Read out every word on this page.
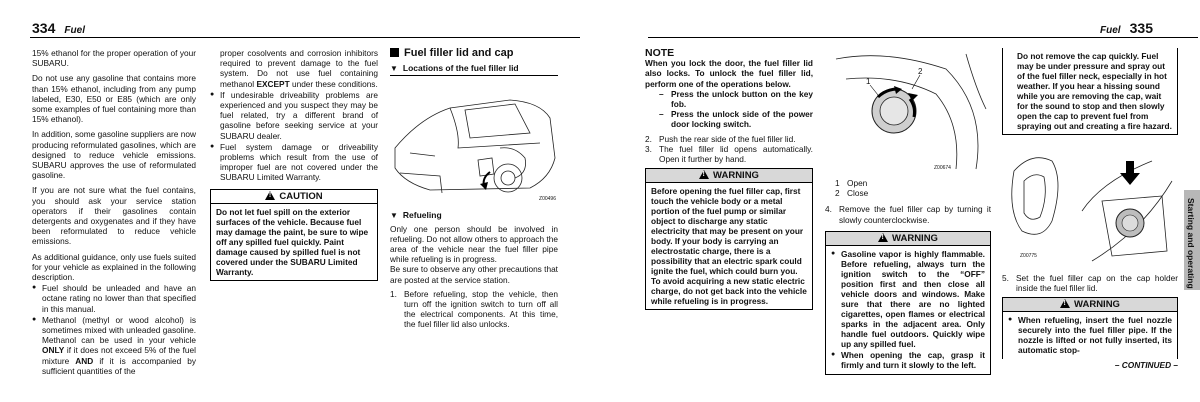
334 Fuel

15% ethanol for the proper operation of your SUBARU.

Do not use any gasoline that contains more than 15% ethanol, including from any pump labeled, E30, E50 or E85 (which are only some examples of fuel containing more than 15% ethanol).

In addition, some gasoline suppliers are now producing reformulated gasolines, which are designed to reduce vehicle emissions. SUBARU approves the use of reformulated gasoline.

If you are not sure what the fuel contains, you should ask your service station operators if their gasolines contain detergents and oxygenates and if they have been reformulated to reduce vehicle emissions.

As additional guidance, only use fuels suited for your vehicle as explained in the following description.

● Fuel should be unleaded and have an octane rating no lower than that specified in this manual.
● Methanol (methyl or wood alcohol) is sometimes mixed with unleaded gasoline. Methanol can be used in your vehicle ONLY if it does not exceed 5% of the fuel mixture AND if it is accompanied by sufficient quantities of the

proper cosolvents and corrosion inhibitors required to prevent damage to the fuel system. Do not use fuel containing methanol EXCEPT under these conditions.

● If undesirable driveability problems are experienced and you suspect they may be fuel related, try a different brand of gasoline before seeking service at your SUBARU dealer.
● Fuel system damage or driveability problems which result from the use of improper fuel are not covered under the SUBARU Limited Warranty.
!CAUTION
Do not let fuel spill on the exterior surfaces of the vehicle. Because fuel may damage the paint, be sure to wipe off any spilled fuel quickly. Paint damage caused by spilled fuel is not covered under the SUBARU Limited Warranty.
Fuel filler lid and cap
▼ Locations of the fuel filler lid
Z00496
▼ Refueling

Only one person should be involved in refueling. Do not allow others to approach the area of the vehicle near the fuel filler pipe while refueling is in progress.

Be sure to observe any other precautions that are posted at the service station.

1. Before refueling, stop the vehicle, then turn off the ignition switch to turn off all the electrical components. At this time, the fuel filler lid also unlocks.
Fuel 335
NOTE

When you lock the door, the fuel filler lid also locks. To unlock the fuel filler lid, perform one of the operations below.

– Press the unlock button on the key fob.
– Press the unlock side of the power door locking switch.
2. Push the rear side of the fuel filler lid.
3. The fuel filler lid opens automatically. Open it further by hand.
!WARNING
Before opening the fuel filler cap, first touch the vehicle body or a metal portion of the fuel pump or similar object to discharge any static electricity that may be present on your body. If your body is carrying an electrostatic charge, there is a possibility that an electric spark could ignite the fuel, which could burn you. To avoid acquiring a new static electric charge, do not get back into the vehicle while refueling is in progress.
1
2
Z00674
1 Open
2 Close
4. Remove the fuel filler cap by turning it slowly counterclockwise.
!WARNING
● Gasoline vapor is highly flammable. Before refueling, always turn the ignition switch to the “OFF” position first and then close all vehicle doors and windows. Make sure that there are no lighted cigarettes, open flames or electrical sparks in the adjacent area. Only handle fuel outdoors. Quickly wipe up any spilled fuel.
● When opening the cap, grasp it firmly and turn it slowly to the left.
Do not remove the cap quickly. Fuel may be under pressure and spray out of the fuel filler neck, especially in hot weather. If you hear a hissing sound while you are removing the cap, wait for the sound to stop and then slowly open the cap to prevent fuel from spraying out and creating a fire hazard.
Z00775
5. Set the fuel filler cap on the cap holder inside the fuel filler lid.
!WARNING
● When refueling, insert the fuel nozzle securely into the fuel filler pipe. If the nozzle is lifted or not fully inserted, its automatic stop-
– CONTINUED –
Starting and operating
